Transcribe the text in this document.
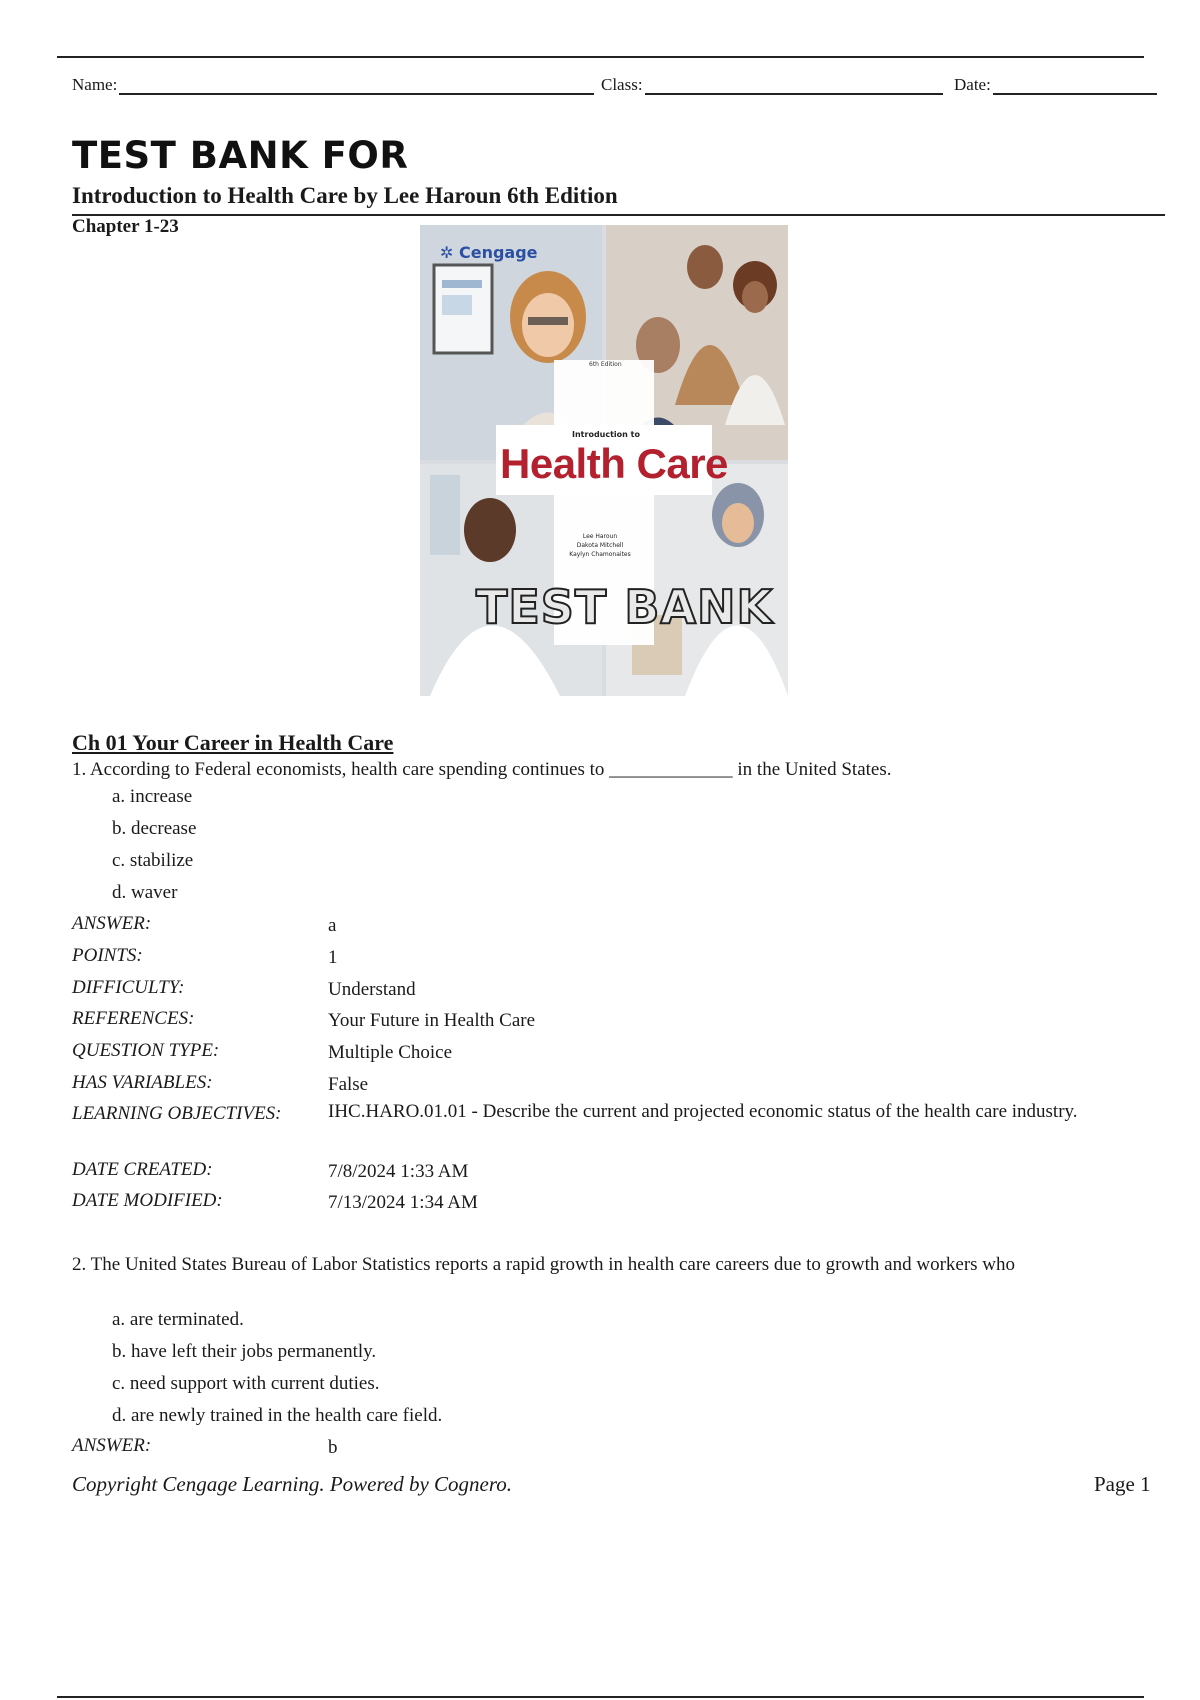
Name:	Class:	Date:
TEST BANK FOR
Introduction to Health Care by Lee Haroun 6th Edition
Chapter 1-23
✲ Cengage
6th Edition
Introduction to
Health Care
Lee Haroun
Dakota Mitchell
Kaylyn Chamonaites
TEST BANK
Ch 01 Your Career in Health Care
1. According to Federal economists, health care spending continues to _____________ in the United States.
a. increase
b. decrease
c. stabilize
d. waver
ANSWER:	a
POINTS:	1
DIFFICULTY:	Understand
REFERENCES:	Your Future in Health Care
QUESTION TYPE:	Multiple Choice
HAS VARIABLES:	False
LEARNING OBJECTIVES: IHC.HARO.01.01 - Describe the current and projected economic status of the health care industry.
DATE CREATED:	7/8/2024 1:33 AM
DATE MODIFIED:	7/13/2024 1:34 AM
2. The United States Bureau of Labor Statistics reports a rapid growth in health care careers due to growth and workers who
a. are terminated.
b. have left their jobs permanently.
c. need support with current duties.
d. are newly trained in the health care field.
ANSWER:	b
Copyright Cengage Learning. Powered by Cognero.	Page 1
